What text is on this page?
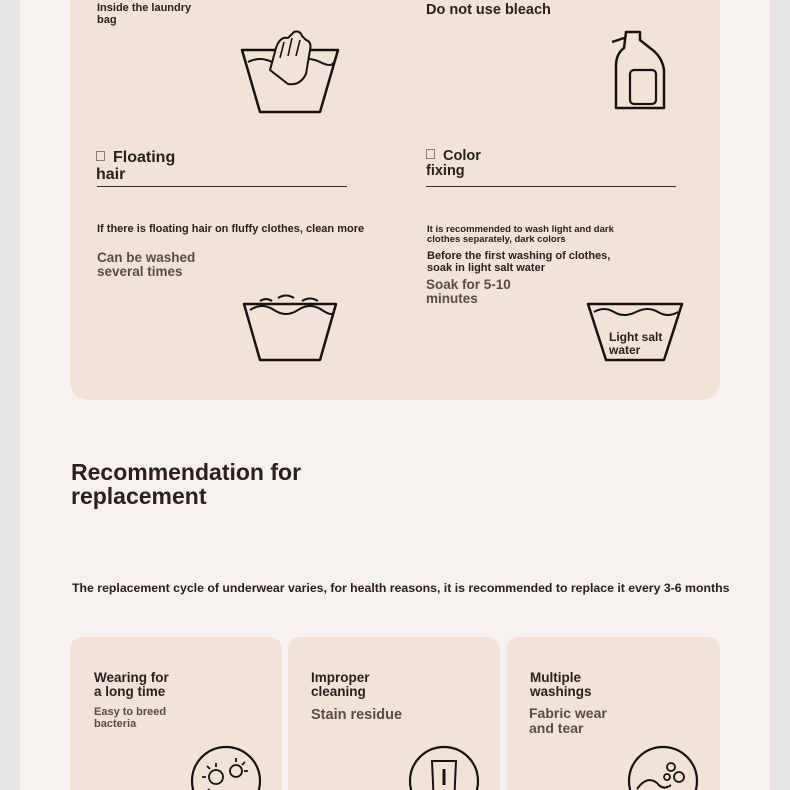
Inside the laundry
bag
Do not use bleach
Floating
hair
If there is floating hair on fluffy clothes, clean more
Can be washed
several times
Color
fixing
It is recommended to wash light and dark
clothes separately, dark colors
Before the first washing of clothes,
soak in light salt water
Soak for 5-10
minutes
Light salt
water
Recommendation for
replacement
The replacement cycle of underwear varies, for health reasons, it is recommended to replace it every 3-6 months
Wearing for
a long time
Easy to breed
bacteria
Improper
cleaning
Stain residue
Multiple
washings
Fabric wear
and tear
